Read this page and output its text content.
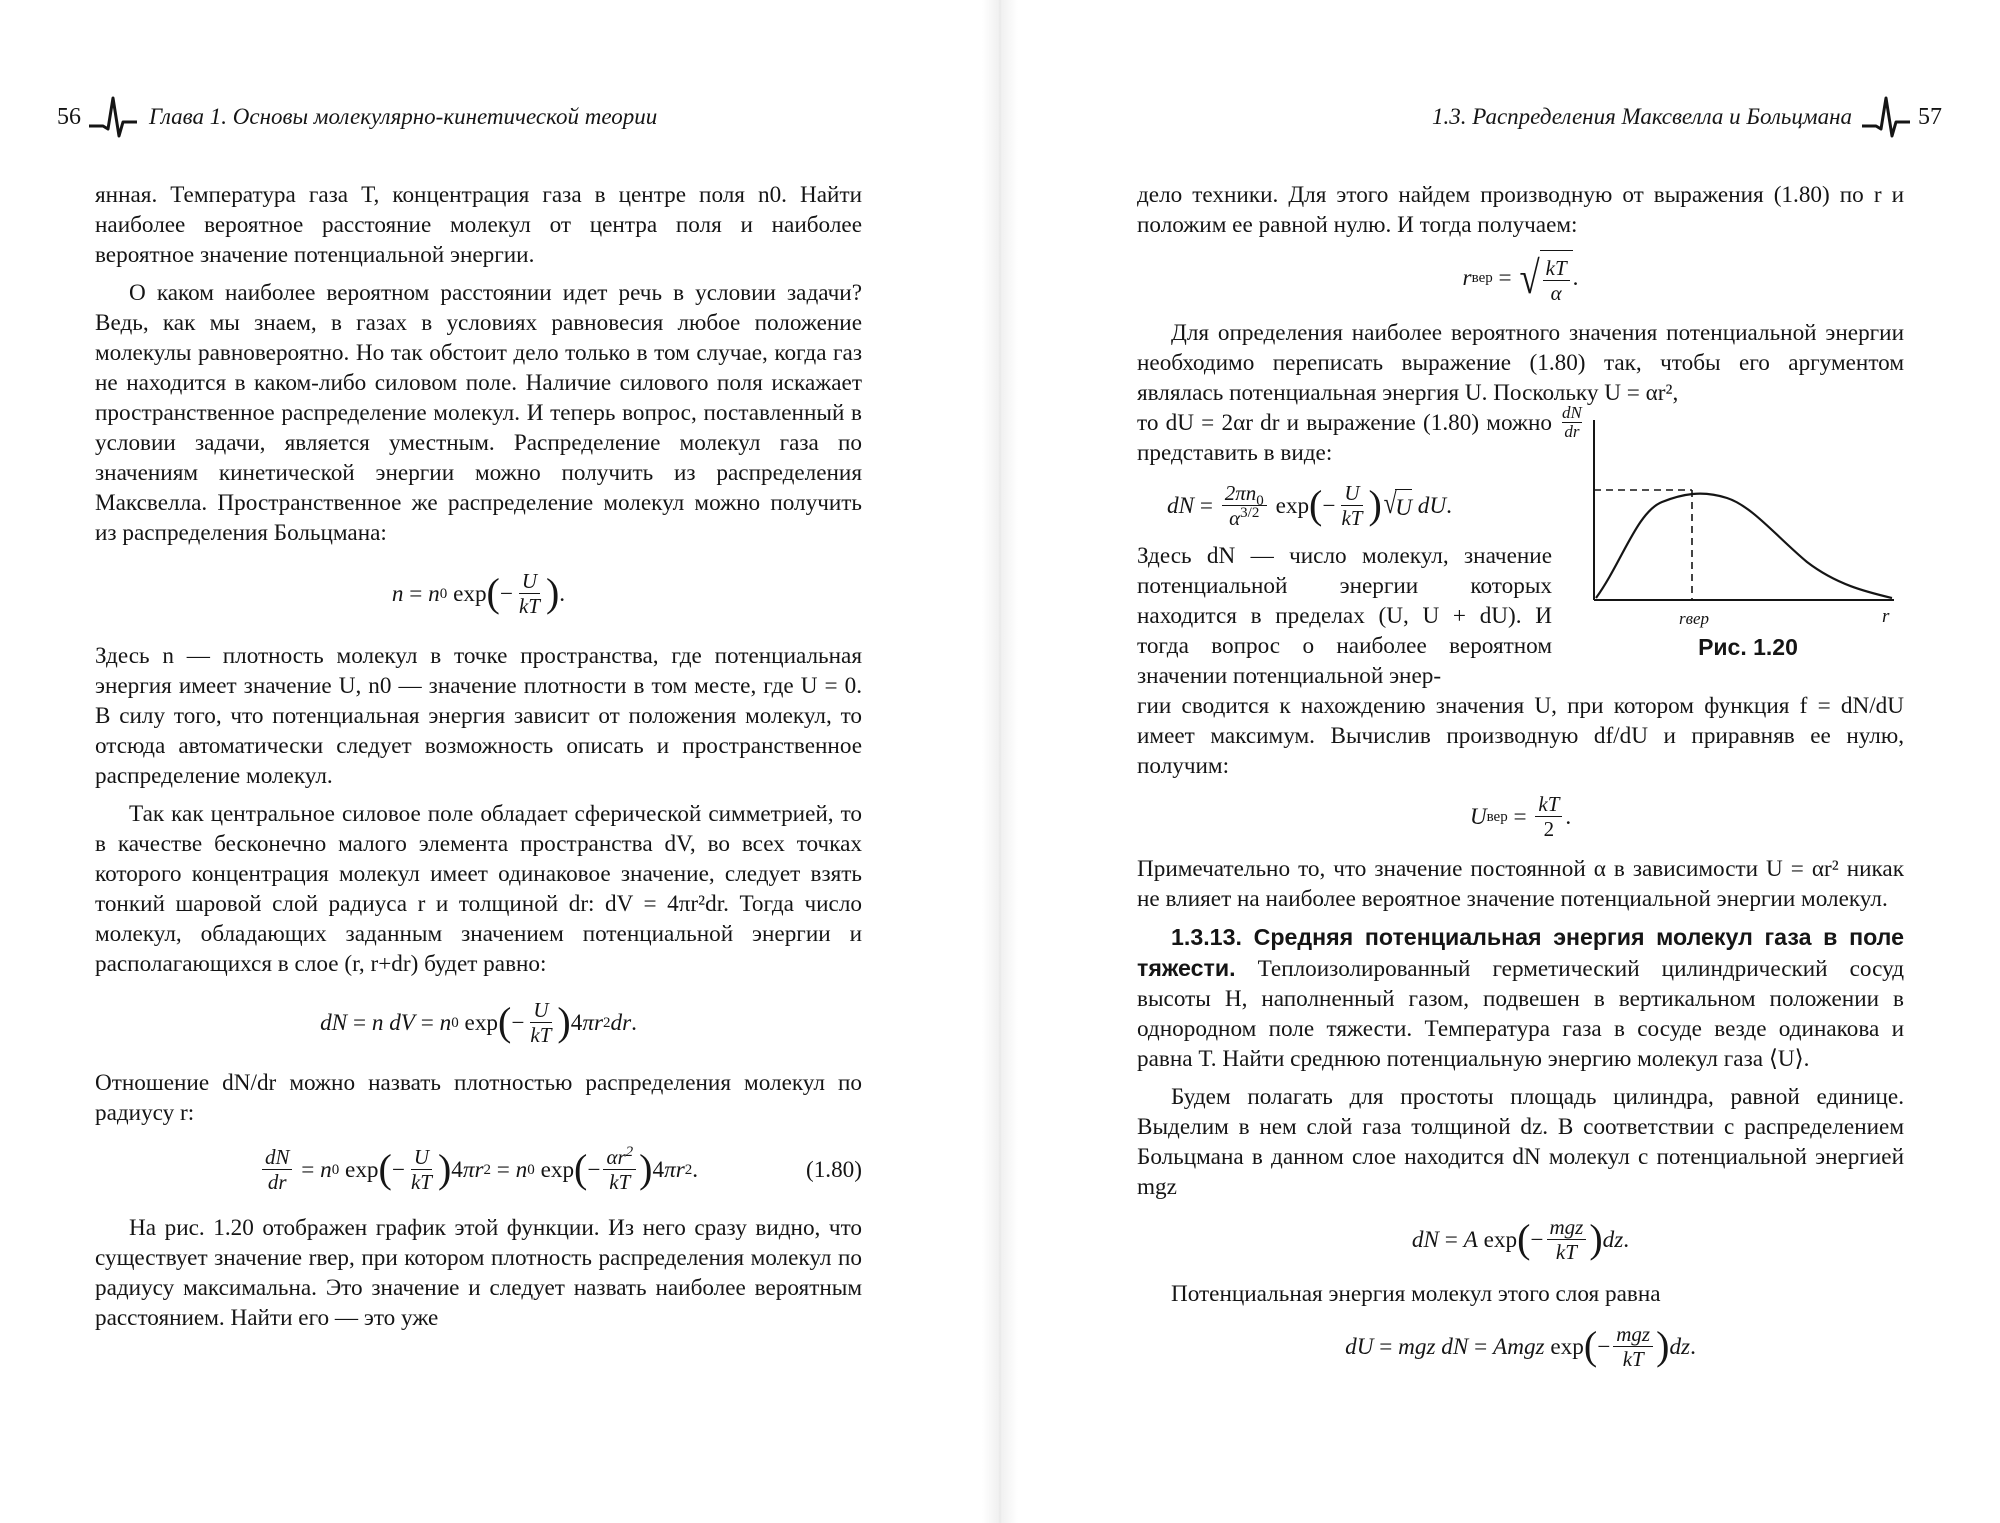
56	Глава 1. Основы молекулярно-кинетической теории

янная. Температура газа T, концентрация газа в центре поля n0. Найти наиболее вероятное расстояние молекул от центра поля и наиболее вероятное значение потенциальной энергии.

О каком наиболее вероятном расстоянии идет речь в условии задачи? Ведь, как мы знаем, в газах в условиях равновесия любое положение молекулы равновероятно. Но так обстоит дело только в том случае, когда газ не находится в каком-либо силовом поле. Наличие силового поля искажает пространственное распределение молекул. И теперь вопрос, поставленный в условии задачи, является уместным. Распределение молекул газа по значениям кинетической энергии можно получить из распределения Максвелла. Пространственное же распределение молекул можно получить из распределения Больцмана:

n = n 0 exp ( − $\frac{U}{kT}$ ) .

Здесь n — плотность молекул в точке пространства, где потенциальная энергия имеет значение U, n0 — значение плотности в том месте, где U = 0. В силу того, что потенциальная энергия зависит от положения молекул, то отсюда автоматически следует возможность описать и пространственное распределение молекул.

Так как центральное силовое поле обладает сферической симметрией, то в качестве бесконечно малого элемента пространства dV, во всех точках которого концентрация молекул имеет одинаковое значение, следует взять тонкий шаровой слой радиуса r и толщиной dr: dV = 4πr²dr. Тогда число молекул, обладающих заданным значением потенциальной энергии и располагающихся в слое (r, r+dr) будет равно:

dN = n dV = n 0 exp ( − $\frac{U}{kT}$ ) 4 πr 2 dr .

Отношение dN/dr можно назвать плотностью распределения молекул по радиусу r:

$\frac{dN}{dr} = n$ 0 exp ( − $\frac{U}{kT}$ ) 4 πr 2 = n 0 exp ( − $\frac{\alpha r^2}{kT}$ ) 4 πr 2 .	(1.80)

На рис. 1.20 отображен график этой функции. Из него сразу видно, что существует значение rвер, при котором плотность распределения молекул по радиусу максимальна. Это значение и следует назвать наиболее вероятным расстоянием. Найти его — это уже

1.3. Распределения Максвелла и Больцмана	57

дело техники. Для этого найдем производную от выражения (1.80) по r и положим ее равной нулю. И тогда получаем:

r вер = √ $\frac{kT}{\alpha}$ .

Для определения наиболее вероятного значения потенциальной энергии необходимо переписать выражение (1.80) так, чтобы его аргументом являлась потенциальная энергия U. Поскольку U = αr²,

то dU = 2αr dr и выражение (1.80) можно представить в виде:

dN = $\frac{2\pi n_0}{\alpha^{3/2}}$ exp ( − $\frac{U}{kT}$ ) √
U
dU .

Здесь dN — число молекул, значение потенциальной энергии которых находится в пределах (U, U + dU). И тогда вопрос о наиболее вероятном значении потенциальной энер-

dN
dr
rвер	r
Рис. 1.20

гии сводится к нахождению значения U, при котором функция f = dN/dU имеет максимум. Вычислив производную df/dU и приравняв ее нулю, получим:

U вер = $\frac{kT}{2}$ .

Примечательно то, что значение постоянной α в зависимости U = αr² никак не влияет на наиболее вероятное значение потенциальной энергии молекул.

1.3.13. Средняя потенциальная энергия молекул газа в поле тяжести. Теплоизолированный герметический цилиндрический сосуд высоты H, наполненный газом, подвешен в вертикальном положении в однородном поле тяжести. Температура газа в сосуде везде одинакова и равна T. Найти среднюю потенциальную энергию молекул газа ⟨U⟩.

Будем полагать для простоты площадь цилиндра, равной единице. Выделим в нем слой газа толщиной dz. В соответствии с распределением Больцмана в данном слое находится dN молекул с потенциальной энергией mgz

dN = A exp ( − $\frac{\text{mgz}}{kT}$ ) dz .

Потенциальная энергия молекул этого слоя равна

dU = mgz dN = Amgz exp ( − $\frac{\text{mgz}}{kT}$ ) dz .
